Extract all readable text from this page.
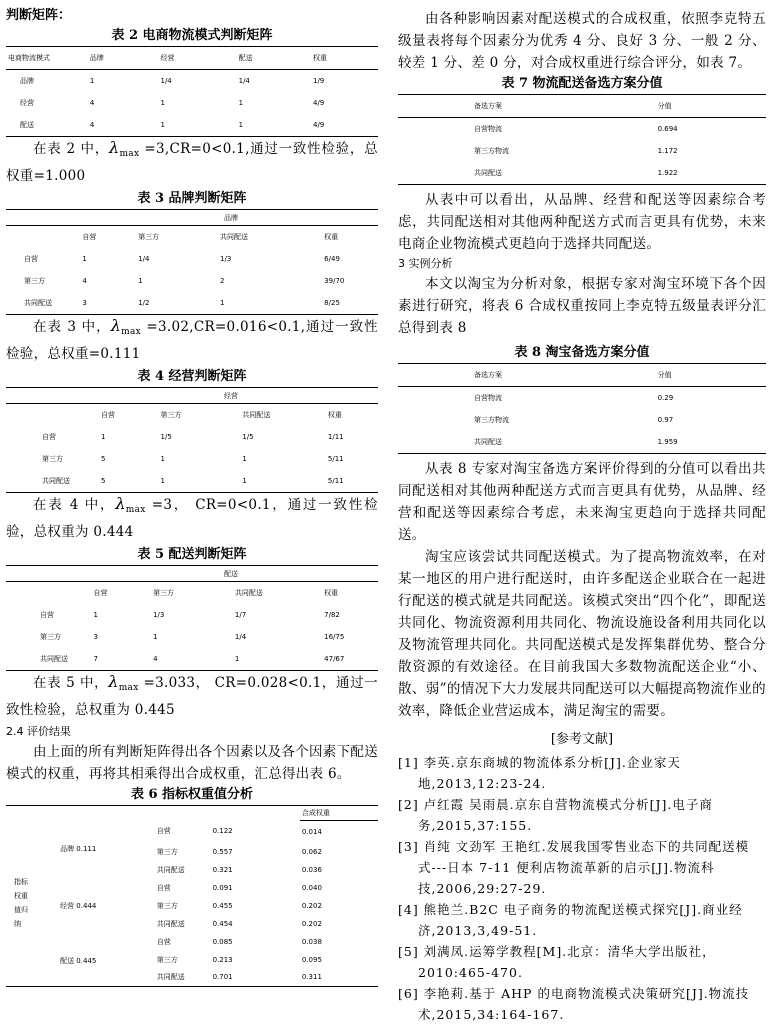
判断矩阵：

表 2 电商物流模式判断矩阵

电商物流模式	品牌	经营	配送	权重
品牌	1	1/4	1/4	1/9
经营	4	1	1	4/9
配送	4	1	1	4/9

在表 2 中，$\lambda_{max} =3,CR=0<0.1$,通过一致性检验，总权重=1.000

表 3 品牌判断矩阵

品牌				
	自营	第三方	共同配送	权重
自营	1	1/4	1/3	6/49
第三方	4	1	2	39/70
共同配送	3	1/2	1	8/25

在表 3 中，$\lambda_{max} =3.02,CR=0.016<0.1$,通过一致性检验，总权重=0.111

表 4 经营判断矩阵

经营				
	自营	第三方	共同配送	权重
自营	1	1/5	1/5	1/11
第三方	5	1	1	5/11
共同配送	5	1	1	5/11

在表 4 中，$\lambda_{max} =3$， CR=0<0.1，通过一致性检验，总权重为 0.444

表 5 配送判断矩阵

配送				
	自营	第三方	共同配送	权重
自营	1	1/3	1/7	7/82
第三方	3	1	1/4	16/75
共同配送	7	4	1	47/67

在表 5 中，$\lambda_{max} =3.033$， CR=0.028<0.1，通过一致性检验，总权重为 0.445

2.4 评价结果

由上面的所有判断矩阵得出各个因素以及各个因素下配送模式的权重，再将其相乘得出合成权重，汇总得出表 6。

表 6 指标权重值分析

				合成权重

指标
权重
值归
纳	品牌 0.111	自营	0.122	0.014
		第三方	0.557	0.062
		共同配送	0.321	0.036
	经营 0.444	自营	0.091	0.040
		第三方	0.455	0.202
		共同配送	0.454	0.202
	配送 0.445	自营	0.085	0.038
		第三方	0.213	0.095
		共同配送	0.701	0.311

由各种影响因素对配送模式的合成权重，依照李克特五级量表将每个因素分为优秀 4 分、良好 3 分、一般 2 分、较差 1 分、差 0 分，对合成权重进行综合评分，如表 7。

表 7 物流配送备选方案分值

备选方案	分值
自营物流	0.694
第三方物流	1.172
共同配送	1.922

从表中可以看出，从品牌、经营和配送等因素综合考虑，共同配送相对其他两种配送方式而言更具有优势，未来电商企业物流模式更趋向于选择共同配送。

3 实例分析

本文以淘宝为分析对象，根据专家对淘宝环境下各个因素进行研究，将表 6 合成权重按同上李克特五级量表评分汇总得到表 8

表 8 淘宝备选方案分值

备选方案	分值
自营物流	0.29
第三方物流	0.97
共同配送	1.959

从表 8 专家对淘宝备选方案评价得到的分值可以看出共同配送相对其他两种配送方式而言更具有优势，从品牌、经营和配送等因素综合考虑，未来淘宝更趋向于选择共同配送。

淘宝应该尝试共同配送模式。为了提高物流效率，在对某一地区的用户进行配送时，由许多配送企业联合在一起进行配送的模式就是共同配送。该模式突出“四个化”，即配送共同化、物流资源利用共同化、物流设施设备利用共同化以及物流管理共同化。共同配送模式是发挥集群优势、整合分散资源的有效途径。在目前我国大多数物流配送企业“小、散、弱”的情况下大力发展共同配送可以大幅提高物流作业的效率，降低企业营运成本，满足淘宝的需要。

[参考文献]

[1] 李英.京东商城的物流体系分析[J].企业家天地,2013,12:23-24.

[2] 卢红霞 吴雨晨.京东自营物流模式分析[J].电子商务,2015,37:155.

[3] 肖纯 文劲军 王艳红.发展我国零售业态下的共同配送模式---日本 7-11 便利店物流革新的启示[J].物流科技,2006,29:27-29.

[4] 熊艳兰.B2C 电子商务的物流配送模式探究[J].商业经济,2013,3,49-51.

[5] 刘满凤.运筹学教程[M].北京：清华大学出版社，2010:465-470.

[6] 李艳莉.基于 AHP 的电商物流模式决策研究[J].物流技术,2015,34:164-167.
